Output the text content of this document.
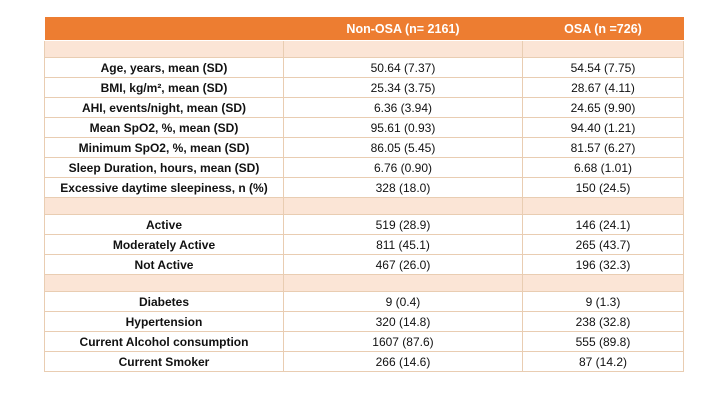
	Non-OSA (n= 2161)	OSA (n =726)

Age, years, mean (SD)	50.64 (7.37)	54.54 (7.75)
BMI, kg/m², mean (SD)	25.34 (3.75)	28.67 (4.11)
AHI, events/night, mean (SD)	6.36 (3.94)	24.65 (9.90)
Mean SpO2, %, mean (SD)	95.61 (0.93)	94.40 (1.21)
Minimum SpO2, %, mean (SD)	86.05 (5.45)	81.57 (6.27)
Sleep Duration, hours, mean (SD)	6.76 (0.90)	6.68 (1.01)
Excessive daytime sleepiness, n (%)	328 (18.0)	150 (24.5)

Active	519 (28.9)	146 (24.1)
Moderately Active	811 (45.1)	265 (43.7)
Not Active	467 (26.0)	196 (32.3)

Diabetes	9 (0.4)	9 (1.3)
Hypertension	320 (14.8)	238 (32.8)
Current Alcohol consumption	1607 (87.6)	555 (89.8)
Current Smoker	266 (14.6)	87 (14.2)
